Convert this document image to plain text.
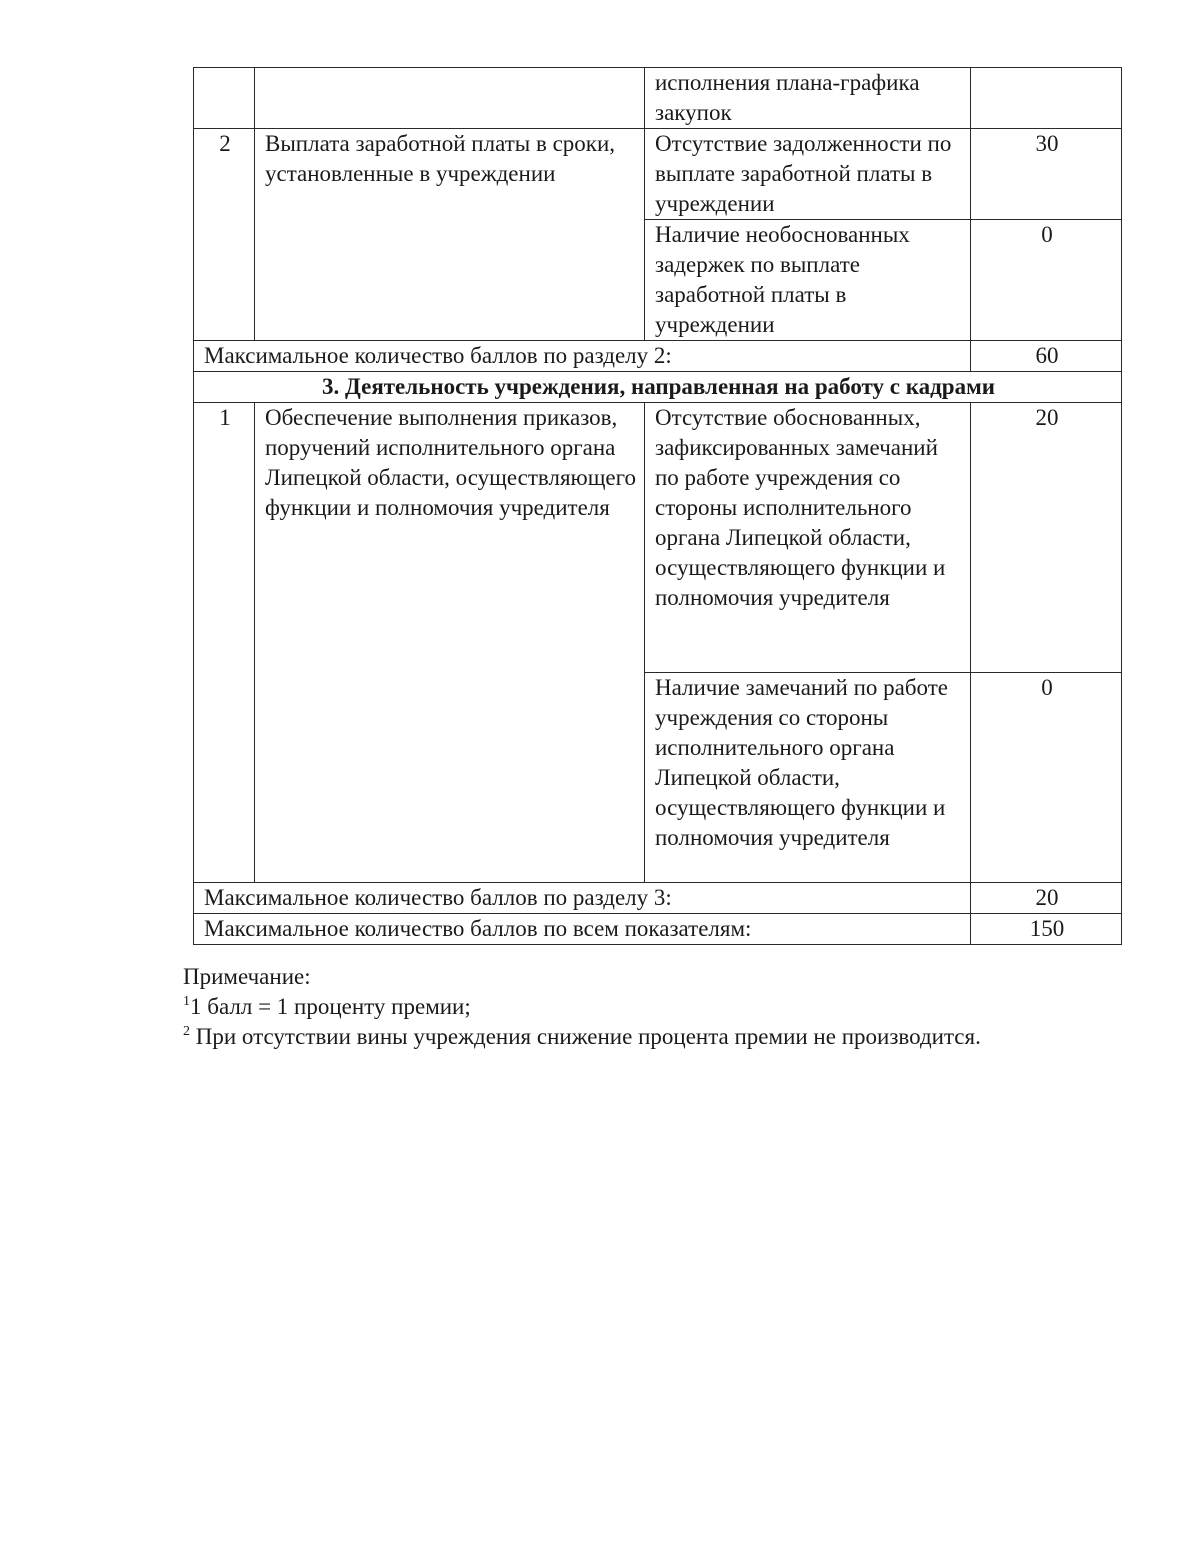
		исполнения плана-графика закупок	
2	Выплата заработной платы в сроки, установленные в учреждении	Отсутствие задолженности по выплате заработной платы в учреждении	30
		Наличие необоснованных задержек по выплате заработной платы в учреждении	0
Максимальное количество баллов по разделу 2:			60
3. Деятельность учреждения, направленная на работу с кадрами			
1	Обеспечение выполнения приказов, поручений исполнительного органа Липецкой области, осуществляющего функции и полномочия учредителя	Отсутствие обоснованных, зафиксированных замечаний по работе учреждения со стороны исполнительного органа Липецкой области, осуществляющего функции и полномочия учредителя	20
		Наличие замечаний по работе учреждения со стороны исполнительного органа Липецкой области, осуществляющего функции и полномочия учредителя	0
Максимальное количество баллов по разделу 3:			20
Максимальное количество баллов по всем показателям:			150
Примечание:
$^1$1 балл = 1 проценту премии;
$^2$ При отсутствии вины учреждения снижение процента премии не производится.
